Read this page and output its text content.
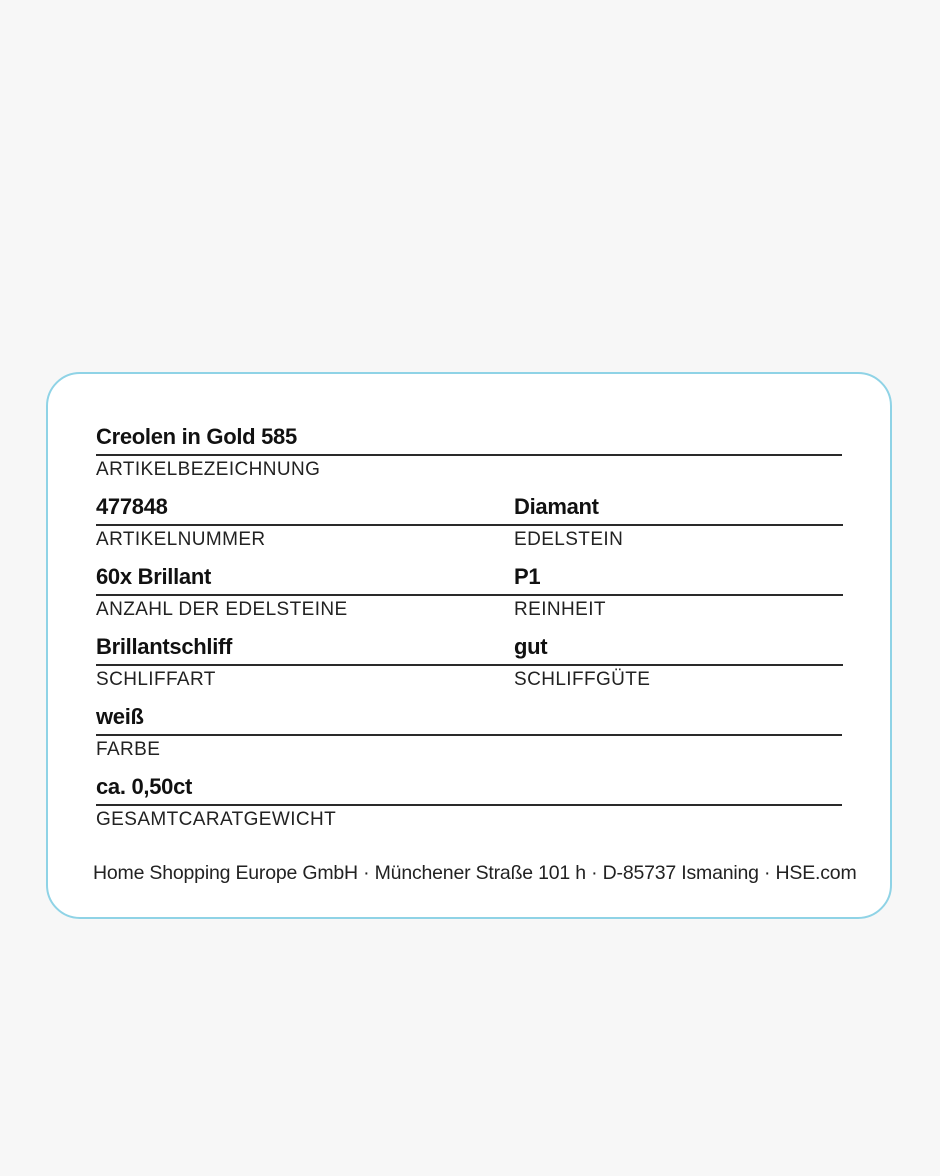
Creolen in Gold 585
ARTIKELBEZEICHNUNG
477848
ARTIKELNUMMER
Diamant
EDELSTEIN
60x Brillant
ANZAHL DER EDELSTEINE
P1
REINHEIT
Brillantschliff
SCHLIFFART
gut
SCHLIFFGÜTE
weiß
FARBE
ca. 0,50ct
GESAMTCARATGEWICHT
Home Shopping Europe GmbH · Münchener Straße 101 h · D-85737 Ismaning · HSE.com
